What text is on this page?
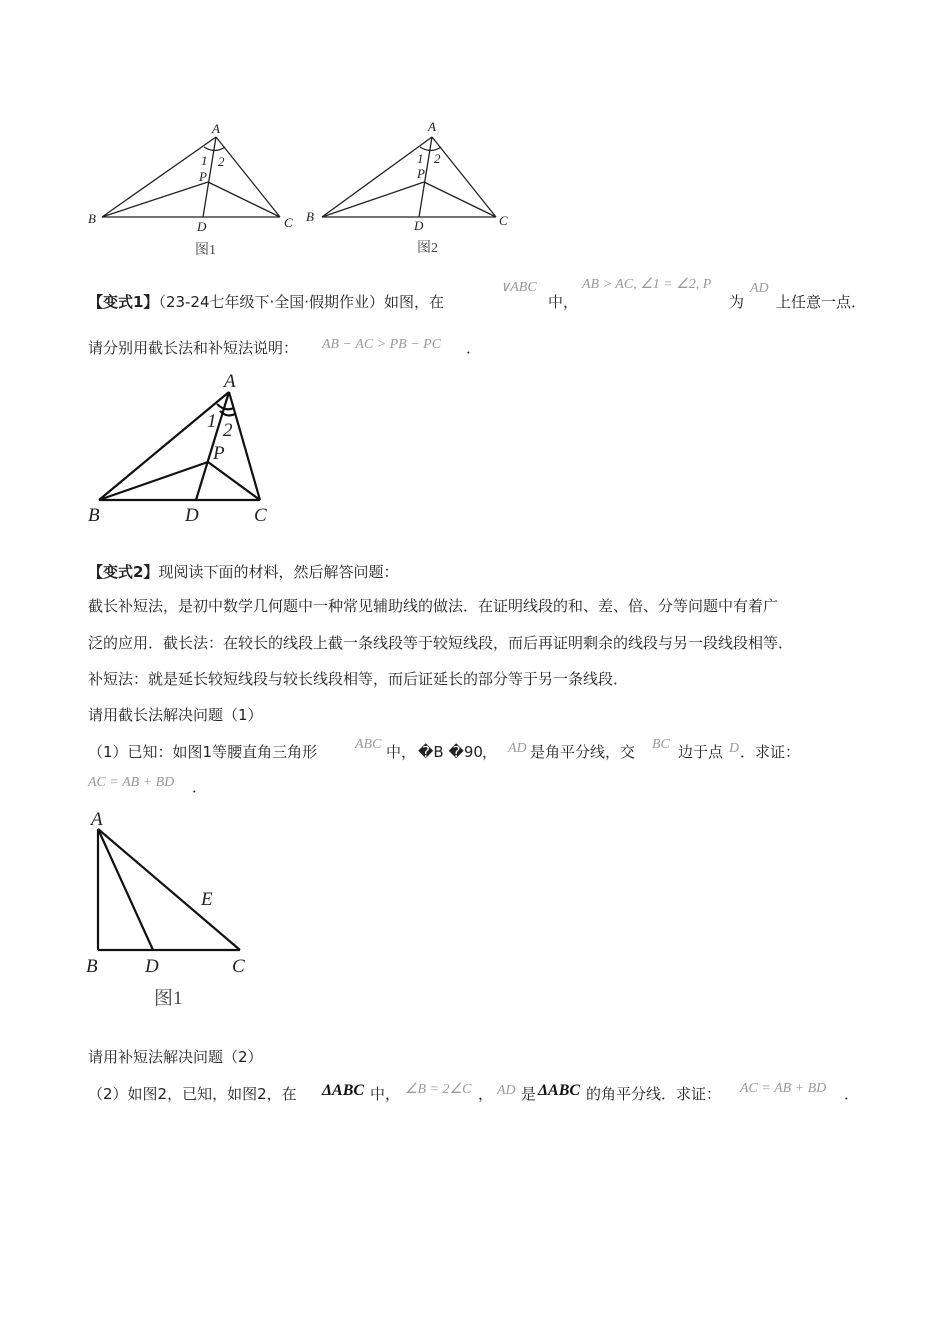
A
1 2
P
B
D	C
图1
A
1 2
P
B
D	C
图2
【变式1】（23-24七年级下·全国·假期作业）如图，在
∨ABC
中，
AB > AC, ∠1 = ∠2, P
为
AD
上任意一点．
请分别用截长法和补短法说明： AB − AC > PB − PC ．
A
1 2
P
B	D	C
【变式2】现阅读下面的材料，然后解答问题：
截长补短法，是初中数学几何题中一种常见辅助线的做法．在证明线段的和、差、倍、分等问题中有着广
泛的应用．截长法：在较长的线段上截一条线段等于较短线段，而后再证明剩余的线段与另一段线段相等．
补短法：就是延长较短线段与较长线段相等，而后证延长的部分等于另一条线段．
请用截长法解决问题（1）
（1）已知：如图1等腰直角三角形	ABC 中， �B �90 ， AD 是角平分线，交 BC 边于点 D ．求证：
AC = AB + BD ．
A
E
B D	C
图1
请用补短法解决问题（2）
（2）如图2，已知，如图2，在 ΔABC 中， ∠B = 2∠C ， AD 是 ΔABC 的角平分线．求证： AC = AB + BD ．
